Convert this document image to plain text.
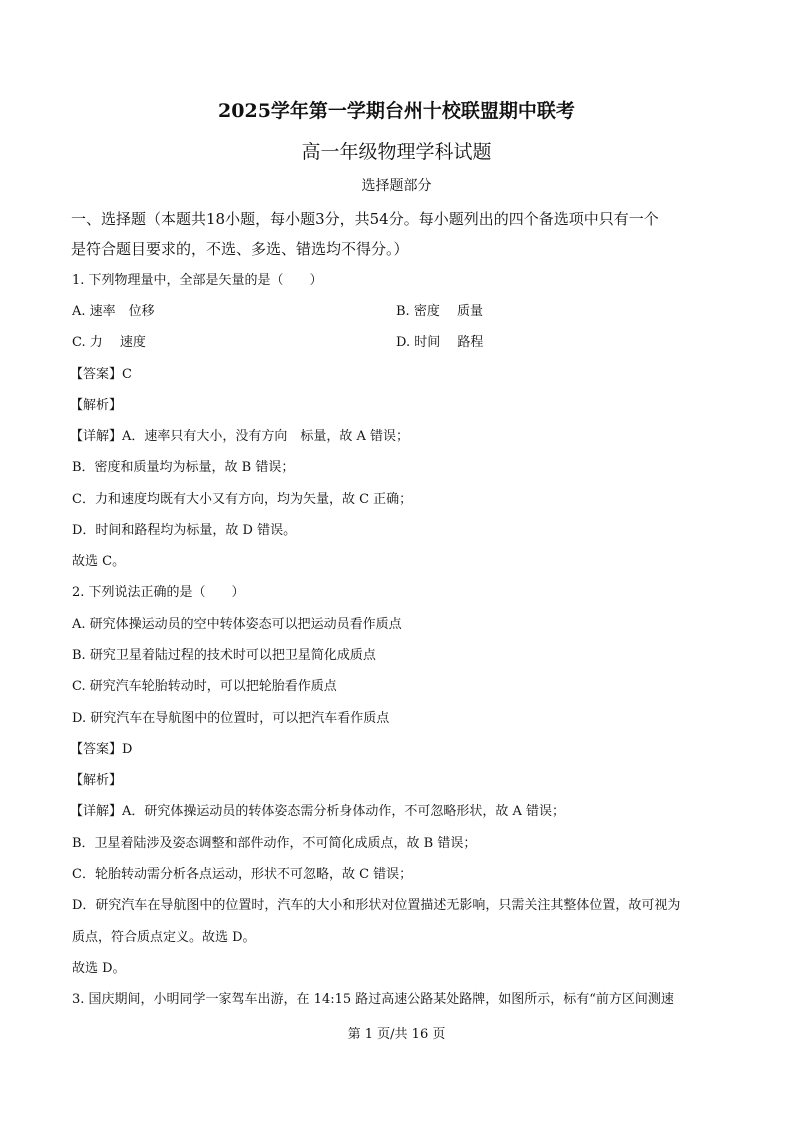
2025学年第一学期台州十校联盟期中联考
高一年级物理学科试题
选择题部分
一、选择题（本题共18小题，每小题3分，共54分。每小题列出的四个备选项中只有一个
是符合题目要求的，不选、多选、错选均不得分。）
1. 下列物理量中，全部是矢量的是（　　）
A. 速率　位移	B. 密度　 质量
C. 力　 速度	D. 时间　 路程
【答案】C
【解析】
【详解】A．速率只有大小，没有方向　标量，故 A 错误；
B．密度和质量均为标量，故 B 错误；
C．力和速度均既有大小又有方向，均为矢量，故 C 正确；
D．时间和路程均为标量，故 D 错误。
故选 C。
2. 下列说法正确的是（　　）
A. 研究体操运动员的空中转体姿态可以把运动员看作质点
B. 研究卫星着陆过程的技术时可以把卫星简化成质点
C. 研究汽车轮胎转动时，可以把轮胎看作质点
D. 研究汽车在导航图中的位置时，可以把汽车看作质点
【答案】D
【解析】
【详解】A．研究体操运动员的转体姿态需分析身体动作，不可忽略形状，故 A 错误；
B．卫星着陆涉及姿态调整和部件动作，不可简化成质点，故 B 错误；
C．轮胎转动需分析各点运动，形状不可忽略，故 C 错误；
D．研究汽车在导航图中的位置时，汽车的大小和形状对位置描述无影响，只需关注其整体位置，故可视为
质点，符合质点定义。故选 D。
故选 D。
3. 国庆期间，小明同学一家驾车出游，在 14:15 路过高速公路某处路牌，如图所示，标有“前方区间测速
第 1 页/共 16 页
